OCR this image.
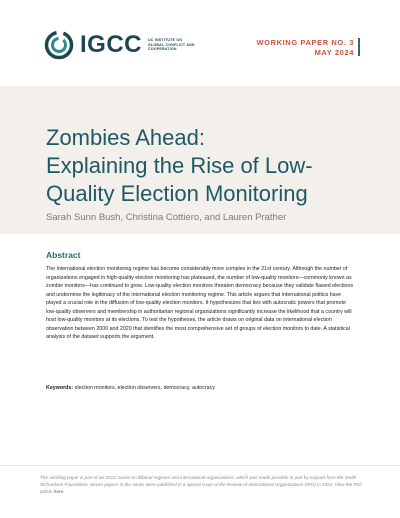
IGCC UC INSTITUTE ON GLOBAL CONFLICT AND COOPERATION
WORKING PAPER NO. 3
MAY 2024
Zombies Ahead:
Explaining the Rise of Low-
Quality Election Monitoring
Sarah Sunn Bush, Christina Cottiero, and Lauren Prather
Abstract

The international election monitoring regime has become considerably more complex in the 21st century. Although the number of organizations engaged in high-quality election monitoring has plateaued, the number of low-quality monitors—commonly known as zombie monitors—has continued to grow. Low-quality election monitors threaten democracy because they validate flawed elections and undermine the legitimacy of the international election monitoring regime. This article argues that international politics have played a crucial role in the diffusion of low-quality election monitors. It hypothesizes that ties with autocratic powers that promote low-quality observers and membership in authoritarian regional organizations significantly increase the likelihood that a country will host low-quality monitors at its elections. To test the hypotheses, the article draws on original data on international election observation between 2000 and 2020 that identifies the most comprehensive set of groups of election monitors to date. A statistical analysis of the dataset supports the argument.

Keywords: election monitors, election observers, democracy, autocracy

This working paper is part of an IGCC series on illiberal regimes and international organizations, which was made possible in part by support from the Smith Richardson Foundation. Seven papers in the series were published in a special issue of the Review of International Organizations (RIO) in 2024. View the RIO article here
